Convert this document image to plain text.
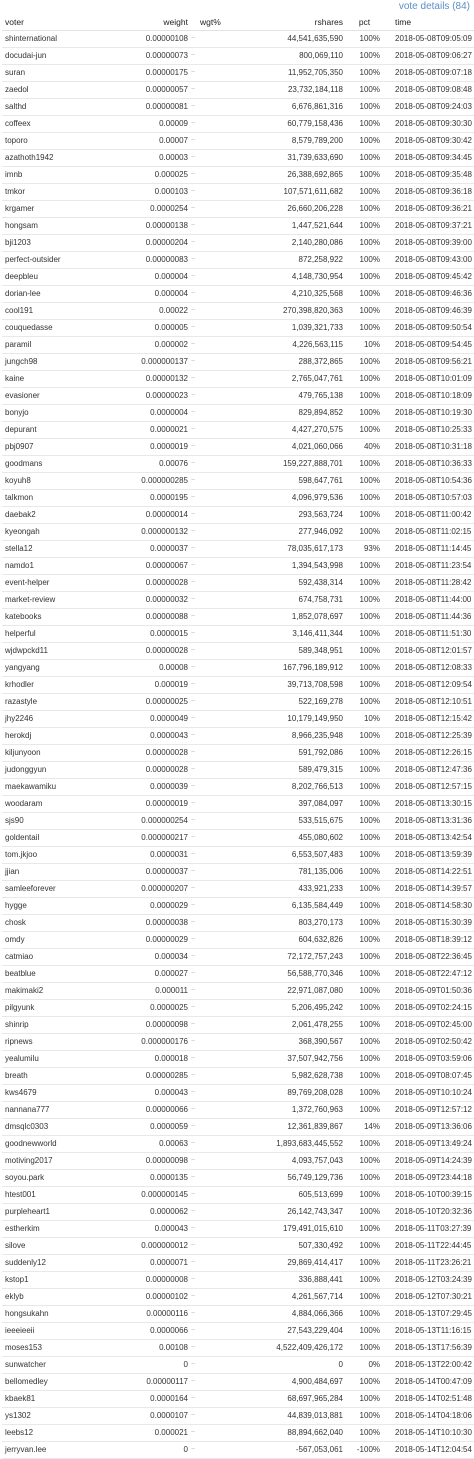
vote details (84)
voter	weight		wgt%	rshares	pct	time
shinternational	0.00000108	~		44,541,635,590	100%	2018-05-08T09:05:09
docudai-jun	0.00000073	~		800,069,110	100%	2018-05-08T09:06:27
suran	0.00000175	~		11,952,705,350	100%	2018-05-08T09:07:18
zaedol	0.00000057	~		23,732,184,118	100%	2018-05-08T09:08:48
salthd	0.00000081	~		6,676,861,316	100%	2018-05-08T09:24:03
coffeex	0.00009	~		60,779,158,436	100%	2018-05-08T09:30:30
toporo	0.00007	~		8,579,789,200	100%	2018-05-08T09:30:42
azathoth1942	0.00003	~		31,739,633,690	100%	2018-05-08T09:34:45
imnb	0.000025	~		26,388,692,865	100%	2018-05-08T09:35:48
tmkor	0.000103	~		107,571,611,682	100%	2018-05-08T09:36:18
krgamer	0.0000254	~		26,660,206,228	100%	2018-05-08T09:36:21
hongsam	0.00000138	~		1,447,521,644	100%	2018-05-08T09:37:21
bji1203	0.00000204	~		2,140,280,086	100%	2018-05-08T09:39:00
perfect-outsider	0.00000083	~		872,258,922	100%	2018-05-08T09:43:00
deepbleu	0.000004	~		4,148,730,954	100%	2018-05-08T09:45:42
dorian-lee	0.000004	~		4,210,325,568	100%	2018-05-08T09:46:36
cool191	0.00022	~		270,398,820,363	100%	2018-05-08T09:46:39
couquedasse	0.000005	~		1,039,321,733	100%	2018-05-08T09:50:54
paramil	0.000002	~		4,226,563,115	10%	2018-05-08T09:54:45
jungch98	0.000000137	~		288,372,865	100%	2018-05-08T09:56:21
kaine	0.00000132	~		2,765,047,761	100%	2018-05-08T10:01:09
evasioner	0.00000023	~		479,765,138	100%	2018-05-08T10:18:09
bonyjo	0.0000004	~		829,894,852	100%	2018-05-08T10:19:30
depurant	0.0000021	~		4,427,270,575	100%	2018-05-08T10:25:33
pbj0907	0.0000019	~		4,021,060,066	40%	2018-05-08T10:31:18
goodmans	0.00076	~		159,227,888,701	100%	2018-05-08T10:36:33
koyuh8	0.000000285	~		598,647,761	100%	2018-05-08T10:54:36
talkmon	0.0000195	~		4,096,979,536	100%	2018-05-08T10:57:03
daebak2	0.00000014	~		293,563,724	100%	2018-05-08T11:00:42
kyeongah	0.000000132	~		277,946,092	100%	2018-05-08T11:02:15
stella12	0.0000037	~		78,035,617,173	93%	2018-05-08T11:14:45
namdo1	0.00000067	~		1,394,543,998	100%	2018-05-08T11:23:54
event-helper	0.00000028	~		592,438,314	100%	2018-05-08T11:28:42
market-review	0.00000032	~		674,758,731	100%	2018-05-08T11:44:00
katebooks	0.00000088	~		1,852,078,697	100%	2018-05-08T11:44:36
helperful	0.0000015	~		3,146,411,344	100%	2018-05-08T11:51:30
wjdwpckd11	0.00000028	~		589,348,951	100%	2018-05-08T12:01:57
yangyang	0.00008	~		167,796,189,912	100%	2018-05-08T12:08:33
krhodler	0.000019	~		39,713,708,598	100%	2018-05-08T12:09:54
razastyle	0.00000025	~		522,169,278	100%	2018-05-08T12:10:51
jhy2246	0.0000049	~		10,179,149,950	10%	2018-05-08T12:15:42
herokdj	0.0000043	~		8,966,235,948	100%	2018-05-08T12:25:39
kiljunyoon	0.00000028	~		591,792,086	100%	2018-05-08T12:26:15
judonggyun	0.00000028	~		589,479,315	100%	2018-05-08T12:47:36
maekawamiku	0.0000039	~		8,202,766,513	100%	2018-05-08T12:57:15
woodaram	0.00000019	~		397,084,097	100%	2018-05-08T13:30:15
sjs90	0.000000254	~		533,515,675	100%	2018-05-08T13:31:36
goldentail	0.000000217	~		455,080,602	100%	2018-05-08T13:42:54
tom.jkjoo	0.0000031	~		6,553,507,483	100%	2018-05-08T13:59:39
jjian	0.00000037	~		781,135,006	100%	2018-05-08T14:22:51
samleeforever	0.000000207	~		433,921,233	100%	2018-05-08T14:39:57
hygge	0.0000029	~		6,135,584,449	100%	2018-05-08T14:58:30
chosk	0.00000038	~		803,270,173	100%	2018-05-08T15:30:39
omdy	0.00000029	~		604,632,826	100%	2018-05-08T18:39:12
catmiao	0.000034	~		72,172,757,243	100%	2018-05-08T22:36:45
beatblue	0.000027	~		56,588,770,346	100%	2018-05-08T22:47:12
makimaki2	0.000011	~		22,971,087,080	100%	2018-05-09T01:50:36
pilgyunk	0.0000025	~		5,206,495,242	100%	2018-05-09T02:24:15
shinrip	0.00000098	~		2,061,478,255	100%	2018-05-09T02:45:00
ripnews	0.000000176	~		368,390,567	100%	2018-05-09T02:50:42
yealumilu	0.000018	~		37,507,942,756	100%	2018-05-09T03:59:06
breath	0.00000285	~		5,982,628,738	100%	2018-05-09T08:07:45
kws4679	0.000043	~		89,769,208,028	100%	2018-05-09T10:10:24
nannana777	0.00000066	~		1,372,760,963	100%	2018-05-09T12:57:12
dmsqlc0303	0.0000059	~		12,361,839,867	14%	2018-05-09T13:36:06
goodnewworld	0.00063	~		1,893,683,445,552	100%	2018-05-09T13:49:24
motiving2017	0.00000098	~		4,093,757,043	100%	2018-05-09T14:24:39
soyou.park	0.0000135	~		56,749,129,736	100%	2018-05-09T23:44:18
htest001	0.000000145	~		605,513,699	100%	2018-05-10T00:39:15
purpleheart1	0.0000062	~		26,142,743,347	100%	2018-05-10T20:32:36
estherkim	0.000043	~		179,491,015,610	100%	2018-05-11T03:27:39
silove	0.000000012	~		507,330,492	100%	2018-05-11T22:44:45
suddenly12	0.0000071	~		29,869,414,417	100%	2018-05-11T23:26:21
kstop1	0.00000008	~		336,888,441	100%	2018-05-12T03:24:39
eklyb	0.00000102	~		4,261,567,714	100%	2018-05-12T07:30:21
hongsukahn	0.00000116	~		4,884,066,366	100%	2018-05-13T07:29:45
ieeeieeii	0.0000066	~		27,543,229,404	100%	2018-05-13T11:16:15
moses153	0.00108	~		4,522,409,426,172	100%	2018-05-13T17:56:39
sunwatcher	0	~		0	0%	2018-05-13T22:00:42
bellomedley	0.00000117	~		4,900,484,697	100%	2018-05-14T00:47:09
kbaek81	0.0000164	~		68,697,965,284	100%	2018-05-14T02:51:48
ys1302	0.0000107	~		44,839,013,881	100%	2018-05-14T04:18:06
leebs12	0.000021	~		88,894,662,040	100%	2018-05-14T10:10:30
jerryvan.lee	0	~		-567,053,061	-100%	2018-05-14T12:04:54
